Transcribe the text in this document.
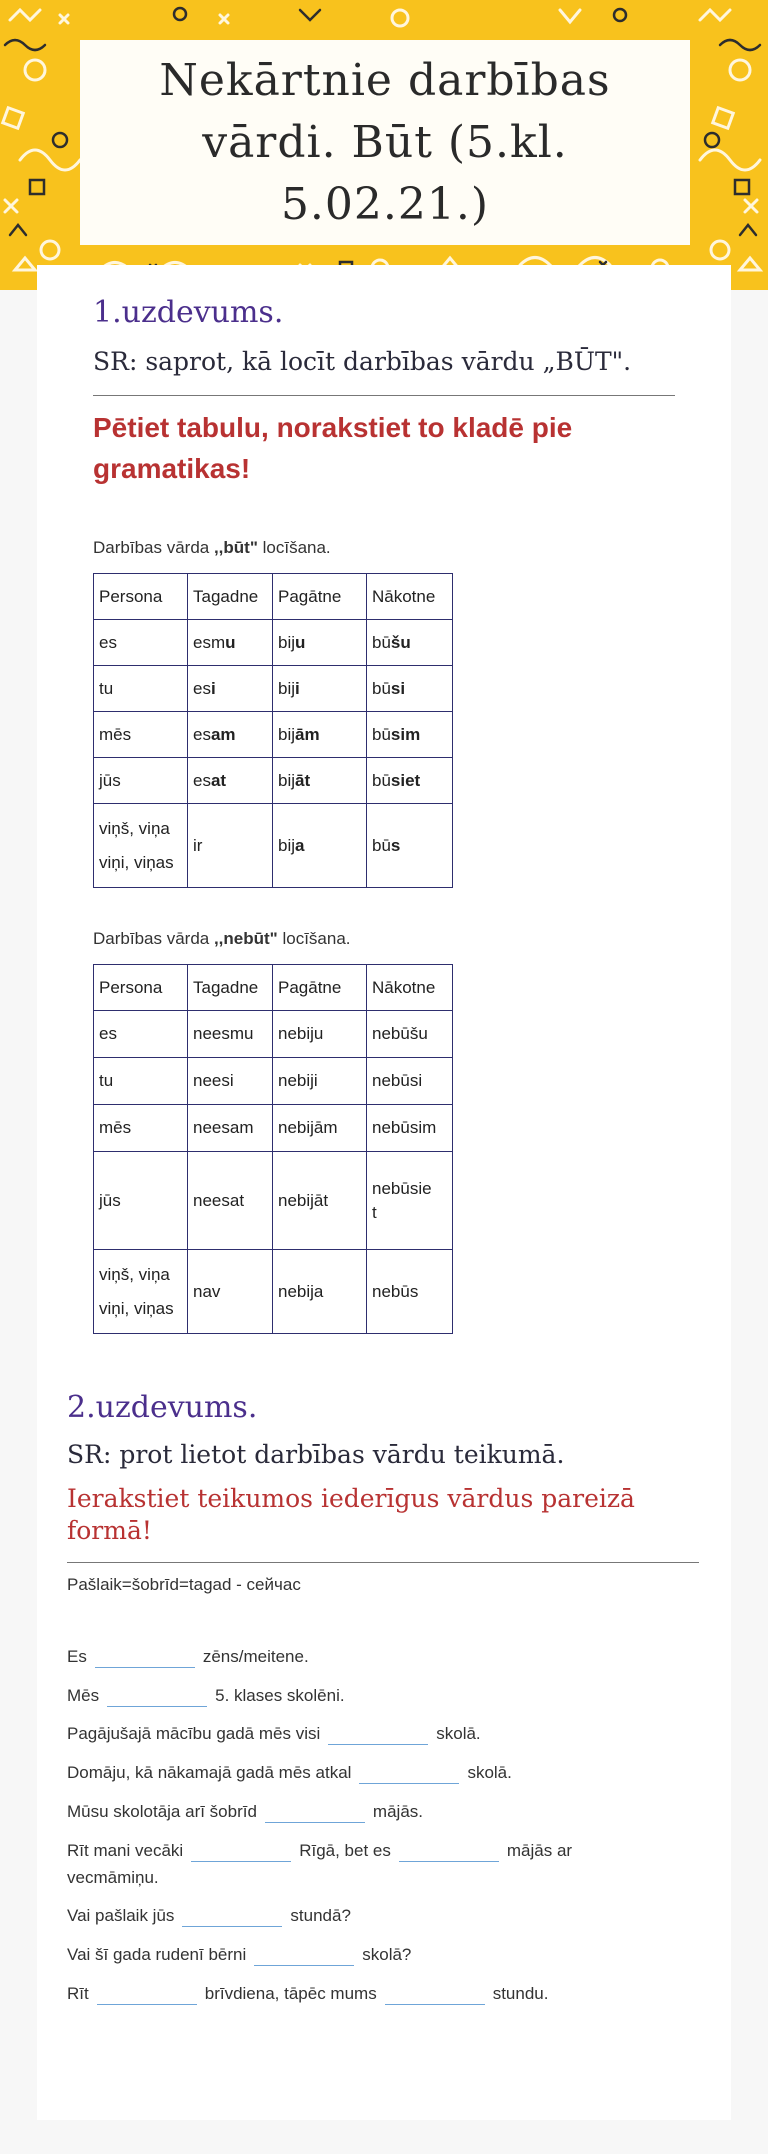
Nekārtnie darbības vārdi. Būt (5.kl. 5.02.21.)
1.uzdevums.
SR: saprot, kā locīt darbības vārdu „BŪT".
Pētiet tabulu, norakstiet to kladē pie gramatikas!
Darbības vārda ,,būt" locīšana.
Persona	Tagadne	Pagātne	Nākotne
es	esmu	biju	būšu
tu	esi	biji	būsi
mēs	esam	bijām	būsim
jūs	esat	bijāt	būsiet

viņš, viņa
viņi, viņas	ir	bija	būs
Darbības vārda ,,nebūt" locīšana.
Persona	Tagadne	Pagātne	Nākotne
es	neesmu	nebiju	nebūšu
tu	neesi	nebiji	nebūsi
mēs	neesam	nebijām	nebūsim
jūs	neesat	nebijāt	nebūsie
t

viņš, viņa
viņi, viņas	nav	nebija	nebūs
2.uzdevums.
SR: prot lietot darbības vārdu teikumā.
Ierakstiet teikumos iederīgus vārdus pareizā formā!
Pašlaik=šobrīd=tagad - сейчас
Es	zēns/meitene.
Mēs	5. klases skolēni.
Pagājušajā mācību gadā mēs visi	skolā.
Domāju, kā nākamajā gadā mēs atkal	skolā.
Mūsu skolotāja arī šobrīd	mājās.
Rīt mani vecāki	Rīgā, bet es	mājās ar
vecmāmiņu.
Vai pašlaik jūs	stundā?
Vai šī gada rudenī bērni	skolā?
Rīt	brīvdiena, tāpēc mums	stundu.
